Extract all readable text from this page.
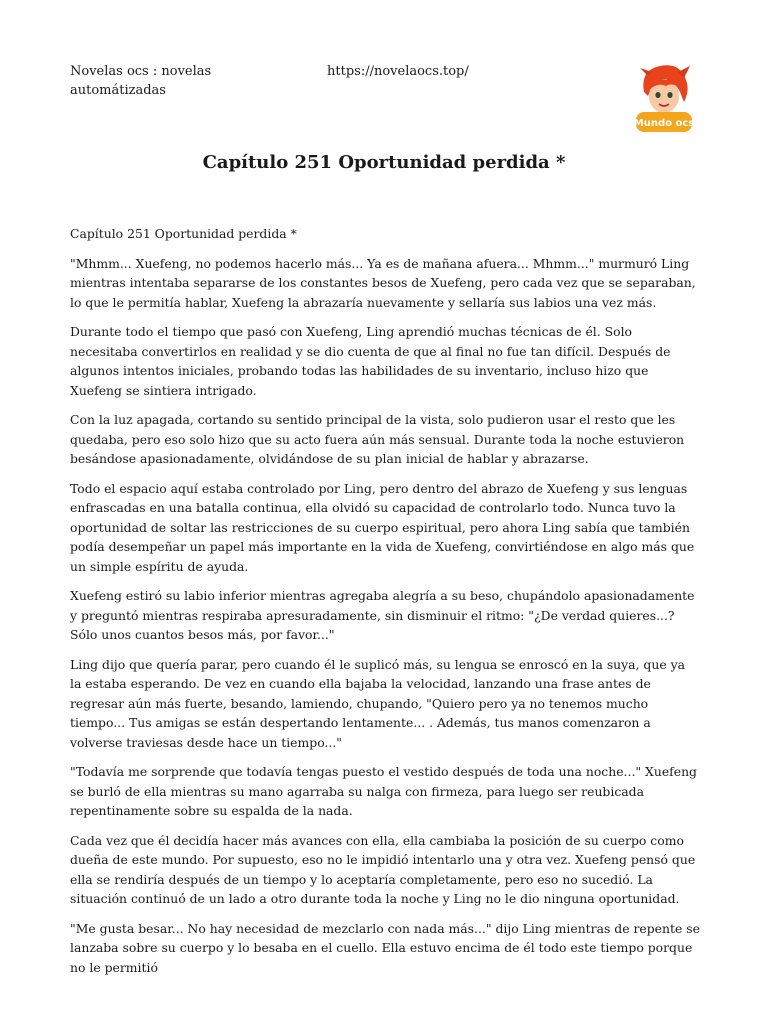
Novelas ocs : novelas automátizadas
https://novelaocs.top/
Mundo ocs
Capítulo 251 Oportunidad perdida *

Capítulo 251 Oportunidad perdida *

"Mhmm... Xuefeng, no podemos hacerlo más... Ya es de mañana afuera... Mhmm..." murmuró Ling mientras intentaba separarse de los constantes besos de Xuefeng, pero cada vez que se separaban, lo que le permitía hablar, Xuefeng la abrazaría nuevamente y sellaría sus labios una vez más.

Durante todo el tiempo que pasó con Xuefeng, Ling aprendió muchas técnicas de él. Solo necesitaba convertirlos en realidad y se dio cuenta de que al final no fue tan difícil. Después de algunos intentos iniciales, probando todas las habilidades de su inventario, incluso hizo que Xuefeng se sintiera intrigado.

Con la luz apagada, cortando su sentido principal de la vista, solo pudieron usar el resto que les quedaba, pero eso solo hizo que su acto fuera aún más sensual. Durante toda la noche estuvieron besándose apasionadamente, olvidándose de su plan inicial de hablar y abrazarse.

Todo el espacio aquí estaba controlado por Ling, pero dentro del abrazo de Xuefeng y sus lenguas enfrascadas en una batalla continua, ella olvidó su capacidad de controlarlo todo. Nunca tuvo la oportunidad de soltar las restricciones de su cuerpo espiritual, pero ahora Ling sabía que también podía desempeñar un papel más importante en la vida de Xuefeng, convirtiéndose en algo más que un simple espíritu de ayuda.

Xuefeng estiró su labio inferior mientras agregaba alegría a su beso, chupándolo apasionadamente y preguntó mientras respiraba apresuradamente, sin disminuir el ritmo: "¿De verdad quieres...? Sólo unos cuantos besos más, por favor..."

Ling dijo que quería parar, pero cuando él le suplicó más, su lengua se enroscó en la suya, que ya la estaba esperando. De vez en cuando ella bajaba la velocidad, lanzando una frase antes de regresar aún más fuerte, besando, lamiendo, chupando, "Quiero pero ya no tenemos mucho tiempo... Tus amigas se están despertando lentamente... . Además, tus manos comenzaron a volverse traviesas desde hace un tiempo..."

"Todavía me sorprende que todavía tengas puesto el vestido después de toda una noche..." Xuefeng se burló de ella mientras su mano agarraba su nalga con firmeza, para luego ser reubicada repentinamente sobre su espalda de la nada.

Cada vez que él decidía hacer más avances con ella, ella cambiaba la posición de su cuerpo como dueña de este mundo. Por supuesto, eso no le impidió intentarlo una y otra vez. Xuefeng pensó que ella se rendiría después de un tiempo y lo aceptaría completamente, pero eso no sucedió. La situación continuó de un lado a otro durante toda la noche y Ling no le dio ninguna oportunidad.

"Me gusta besar... No hay necesidad de mezclarlo con nada más..." dijo Ling mientras de repente se lanzaba sobre su cuerpo y lo besaba en el cuello. Ella estuvo encima de él todo este tiempo porque no le permitió
